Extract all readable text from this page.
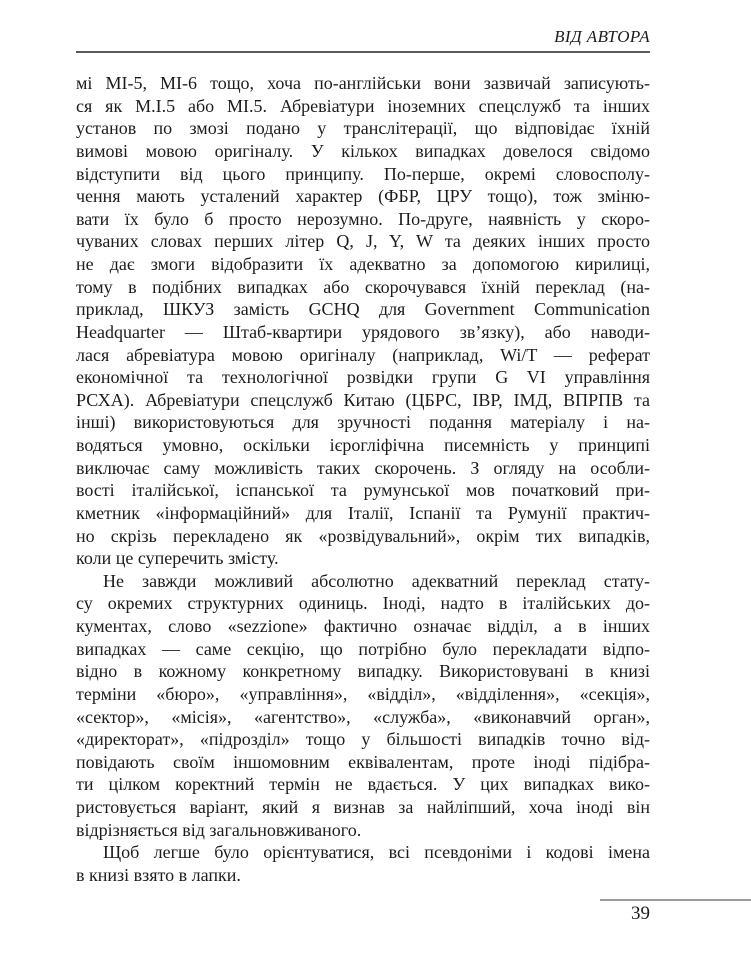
ВІД АВТОРА
мі МІ-5, МІ-6 тощо, хоча по-англійськи вони зазвичай записують-
ся як М.І.5 або МІ.5. Абревіатури іноземних спецслужб та інших
установ по змозі подано у транслітерації, що відповідає їхній
вимові мовою оригіналу. У кількох випадках довелося свідомо
відступити від цього принципу. По-перше, окремі словосполу-
чення мають усталений характер (ФБР, ЦРУ тощо), тож зміню-
вати їх було б просто нерозумно. По-друге, наявність у скоро-
чуваних словах перших літер Q, J, Y, W та деяких інших просто
не дає змоги відобразити їх адекватно за допомогою кирилиці,
тому в подібних випадках або скорочувався їхній переклад (на-
приклад, ШКУЗ замість GCHQ для Government Communication
Headquarter — Штаб-квартири урядового зв’язку), або наводи-
лася абревіатура мовою оригіналу (наприклад, Wi/T — реферат
економічної та технологічної розвідки групи G VI управління
РСХА). Абревіатури спецслужб Китаю (ЦБРС, ІВР, ІМД, ВПРПВ та
інші) використовуються для зручності подання матеріалу і на-
водяться умовно, оскільки ієрогліфічна писемність у принципі
виключає саму можливість таких скорочень. З огляду на особли-
вості італійської, іспанської та румунської мов початковий при-
кметник «інформаційний» для Італії, Іспанії та Румунії практич-
но скрізь перекладено як «розвідувальний», окрім тих випадків,
коли це суперечить змісту.
Не завжди можливий абсолютно адекватний переклад стату-
су окремих структурних одиниць. Іноді, надто в італійських до-
кументах, слово «sezzione» фактично означає відділ, а в інших
випадках — саме секцію, що потрібно було перекладати відпо-
відно в кожному конкретному випадку. Використовувані в книзі
терміни «бюро», «управління», «відділ», «відділення», «секція»,
«сектор», «місія», «агентство», «служба», «виконавчий орган»,
«директорат», «підрозділ» тощо у більшості випадків точно від-
повідають своїм іншомовним еквівалентам, проте іноді підібра-
ти цілком коректний термін не вдається. У цих випадках вико-
ристовується варіант, який я визнав за найліпший, хоча іноді він
відрізняється від загальновживаного.
Щоб легше було орієнтуватися, всі псевдоніми і кодові імена
в книзі взято в лапки.
39
